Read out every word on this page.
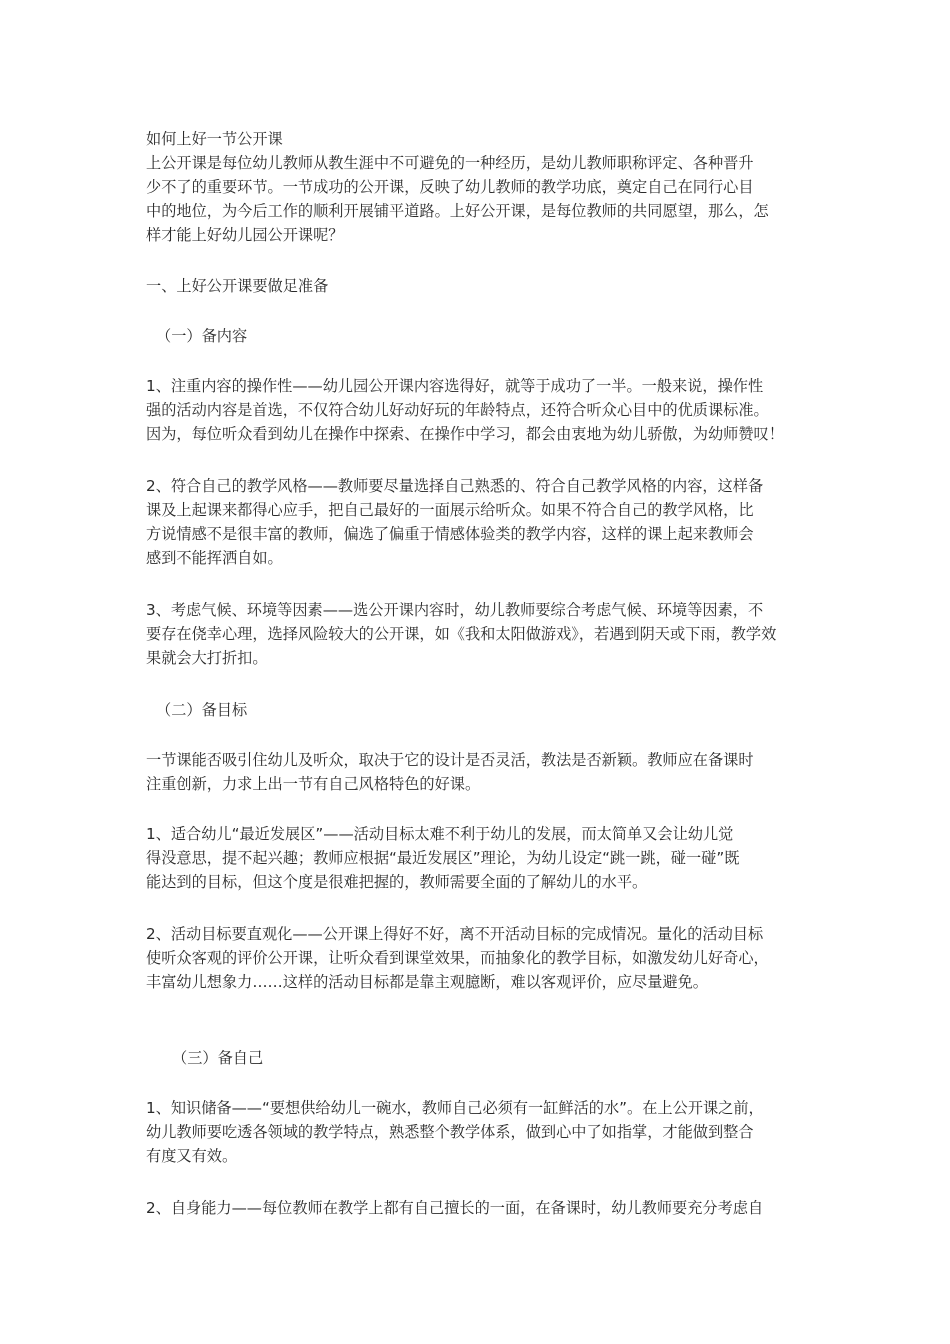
如何上好一节公开课
上公开课是每位幼儿教师从教生涯中不可避免的一种经历，是幼儿教师职称评定、各种晋升
少不了的重要环节。一节成功的公开课，反映了幼儿教师的教学功底，奠定自己在同行心目
中的地位，为今后工作的顺利开展铺平道路。上好公开课，是每位教师的共同愿望，那么，怎
样才能上好幼儿园公开课呢？
一、上好公开课要做足准备
（一）备内容
1、注重内容的操作性——幼儿园公开课内容选得好，就等于成功了一半。一般来说，操作性
强的活动内容是首选，不仅符合幼儿好动好玩的年龄特点，还符合听众心目中的优质课标准。
因为，每位听众看到幼儿在操作中探索、在操作中学习，都会由衷地为幼儿骄傲，为幼师赞叹！
2、符合自己的教学风格——教师要尽量选择自己熟悉的、符合自己教学风格的内容，这样备
课及上起课来都得心应手，把自己最好的一面展示给听众。如果不符合自己的教学风格，比
方说情感不是很丰富的教师，偏选了偏重于情感体验类的教学内容，这样的课上起来教师会
感到不能挥洒自如。
3、考虑气候、环境等因素——选公开课内容时，幼儿教师要综合考虑气候、环境等因素，不
要存在侥幸心理，选择风险较大的公开课，如《我和太阳做游戏》，若遇到阴天或下雨，教学效
果就会大打折扣。
（二）备目标
一节课能否吸引住幼儿及听众，取决于它的设计是否灵活，教法是否新颖。教师应在备课时
注重创新，力求上出一节有自己风格特色的好课。
1、适合幼儿“最近发展区”——活动目标太难不利于幼儿的发展，而太简单又会让幼儿觉
得没意思，提不起兴趣；教师应根据“最近发展区”理论，为幼儿设定“跳一跳，碰一碰”既
能达到的目标，但这个度是很难把握的，教师需要全面的了解幼儿的水平。
2、活动目标要直观化——公开课上得好不好，离不开活动目标的完成情况。量化的活动目标
使听众客观的评价公开课，让听众看到课堂效果，而抽象化的教学目标，如激发幼儿好奇心，
丰富幼儿想象力……这样的活动目标都是靠主观臆断，难以客观评价，应尽量避免。
（三）备自己
1、知识储备——“要想供给幼儿一碗水，教师自己必须有一缸鲜活的水”。在上公开课之前，
幼儿教师要吃透各领域的教学特点，熟悉整个教学体系，做到心中了如指掌，才能做到整合
有度又有效。
2、自身能力——每位教师在教学上都有自己擅长的一面，在备课时，幼儿教师要充分考虑自
